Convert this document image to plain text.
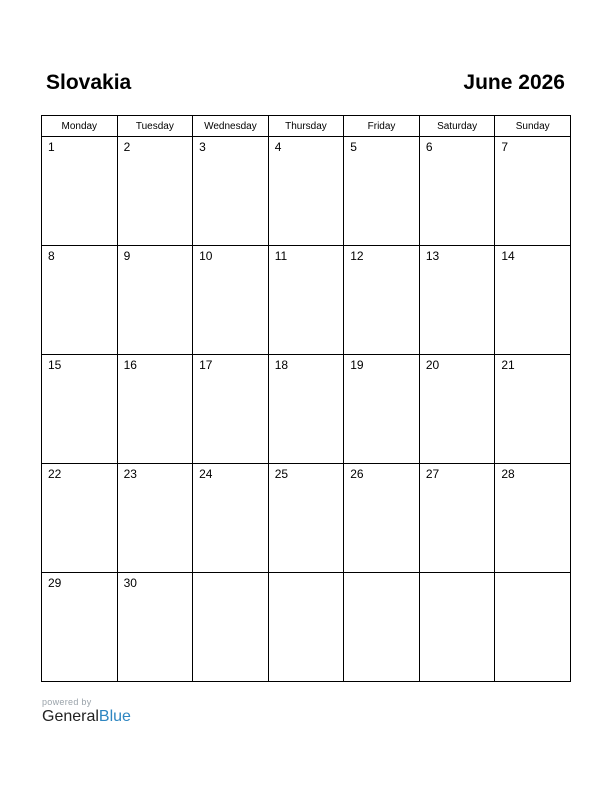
Slovakia	June 2026
Monday	Tuesday	Wednesday	Thursday	Friday	Saturday	Sunday
1	2	3	4	5	6	7
8	9	10	11	12	13	14
15	16	17	18	19	20	21
22	23	24	25	26	27	28
29	30					
powered by
GeneralBlue
